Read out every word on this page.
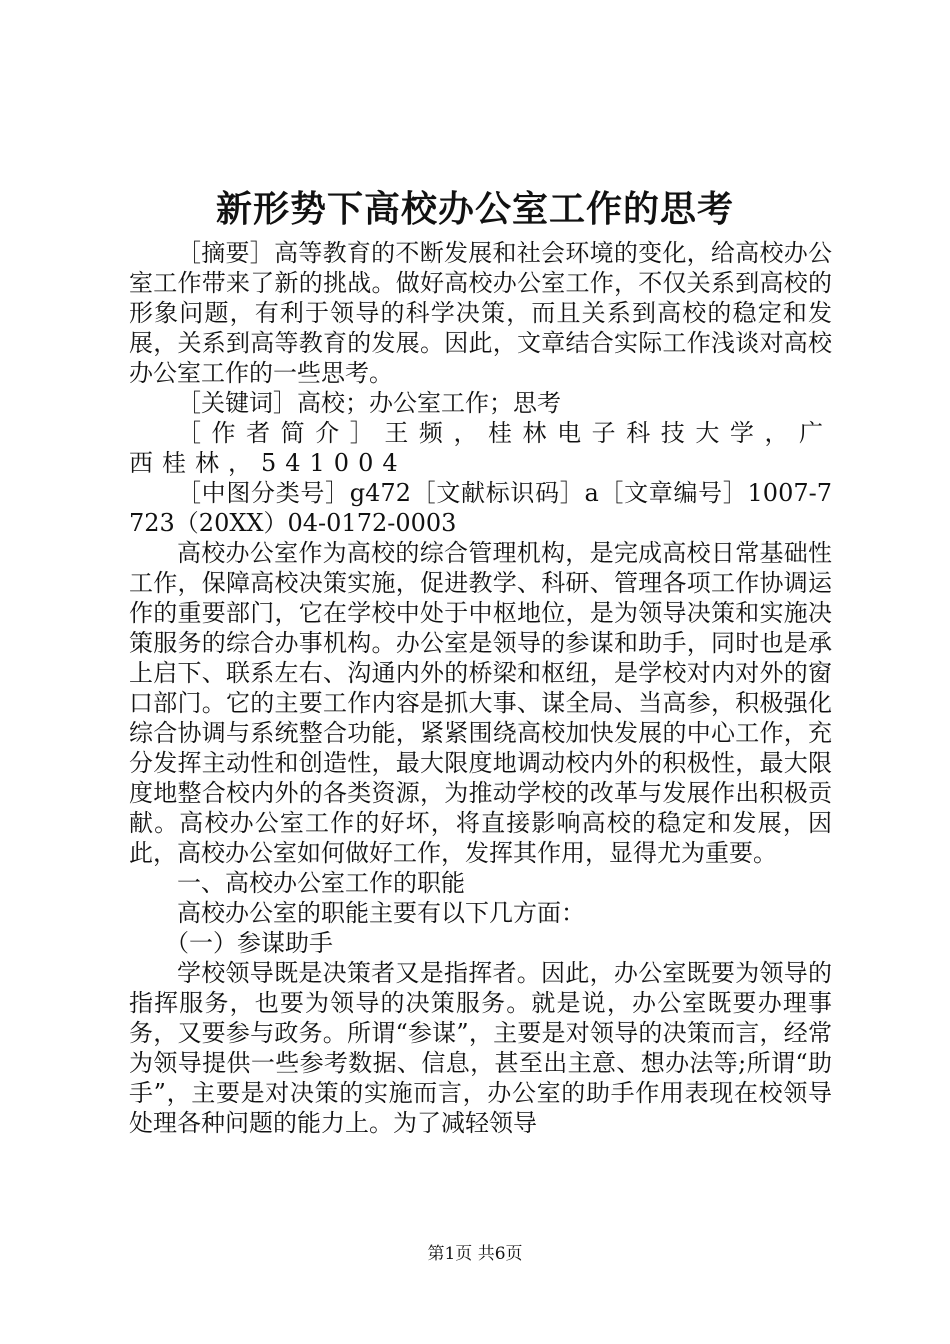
新形势下高校办公室工作的思考

［摘要］高等教育的不断发展和社会环境的变化，给高校办公室工作带来了新的挑战。做好高校办公室工作，不仅关系到高校的形象问题，有利于领导的科学决策，而且关系到高校的稳定和发展，关系到高等教育的发展。因此，文章结合实际工作浅谈对高校办公室工作的一些思考。

［关键词］高校；办公室工作；思考

［作者简介］王频，桂林电子科技大学，广西桂林，541004

［中图分类号］g472［文献标识码］a［文章编号］1007-7723（20XX）04-0172-0003

高校办公室作为高校的综合管理机构，是完成高校日常基础性工作，保障高校决策实施，促进教学、科研、管理各项工作协调运作的重要部门，它在学校中处于中枢地位，是为领导决策和实施决策服务的综合办事机构。办公室是领导的参谋和助手，同时也是承上启下、联系左右、沟通内外的桥梁和枢纽，是学校对内对外的窗口部门。它的主要工作内容是抓大事、谋全局、当高参，积极强化综合协调与系统整合功能，紧紧围绕高校加快发展的中心工作，充分发挥主动性和创造性，最大限度地调动校内外的积极性，最大限度地整合校内外的各类资源，为推动学校的改革与发展作出积极贡献。高校办公室工作的好坏，将直接影响高校的稳定和发展，因此，高校办公室如何做好工作，发挥其作用，显得尤为重要。

一、高校办公室工作的职能

高校办公室的职能主要有以下几方面：

（一）参谋助手

学校领导既是决策者又是指挥者。因此，办公室既要为领导的指挥服务，也要为领导的决策服务。就是说，办公室既要办理事务，又要参与政务。所谓“参谋”，主要是对领导的决策而言，经常为领导提供一些参考数据、信息，甚至出主意、想办法等;所谓“助手”，主要是对决策的实施而言，办公室的助手作用表现在校领导处理各种问题的能力上。为了减轻领导

第1页 共6页
